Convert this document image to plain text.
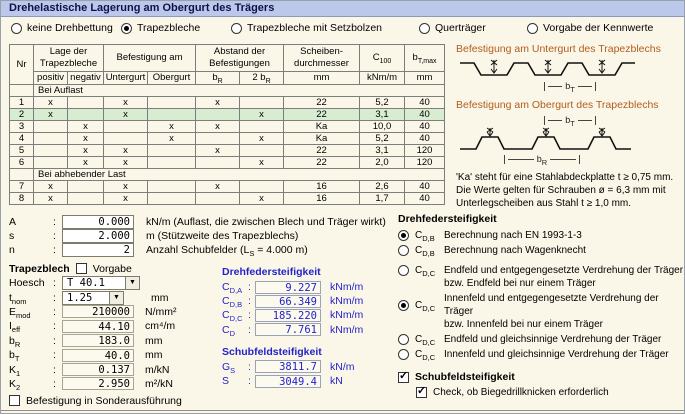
Drehelastische Lagerung am Obergurt des Trägers
keine Drehbettung Trapezbleche	Trapezbleche mit Setzbolzen	Querträger	Vorgabe der Kennwerte
Nr	Lage der Trapezbleche		Befestigung am		Abstand der Befestigungen		Scheiben-durchmesser	$C_{100}$	$b_{T,max}$
	positiv	negativ	Untergurt	Obergurt	$b_R$	2 $b_R$	mm	kNm/m	mm
	Bei Auflast								
1	x		x		x		22	5,2	40
2	x		x			x	22	3,1	40
3		x		x	x		Ka	10,0	40
4		x		x		x	Ka	5,2	40
5		x	x		x		22	3,1	120
6		x	x			x	22	2,0	120
	Bei abhebender Last								
7	x		x		x		16	2,6	40
8	x		x			x	16	1,7	40
Befestigung am Untergurt des Trapezblechs
$b_T$
Befestigung am Obergurt des Trapezblechs
$b_T$
$b_R$
'Ka' steht für eine Stahlabdeckplatte t ≥ 0,75 mm.
Die Werte gelten für Schrauben ø = 6,3 mm mit
Unterlegscheiben aus Stahl t ≥ 1,0 mm.
A	:
0.000	kN/m (Auflast, die zwischen Blech und Träger wirkt)
s	:
2.000	m (Stützweite des Trapezblechs)
n	:
2	Anzahl Schubfelder ($L_S = 4.000$ m)
Trapezblech Vorgabe
Hoesch :	T 40.1	▼
$t_{nom}$	:	1.25	▼	mm
$E_{mod}$	:	210000	N/mm²
$I_{eff}$	:	44.10	cm⁴/m
$b_R$	:	183.0	mm
$b_T$	:	40.0	mm
$K_1$	:	0.137	m/kN
$K_2$	:	2.950	m²/kN
Befestigung in Sonderausführung
Drehfedersteifigkeit
$C_{D,A}$ :	9.227	kNm/m
$C_{D,B}$ :	66.349	kNm/m
$C_{D,C}$ :	185.220	kNm/m
$C_D$	:	7.761	kNm/m
Schubfeldsteifigkeit
$G_S$	:	3811.7	kN/m
S	:	3049.4	kN
Drehfedersteifigkeit
$C_{D,B}$ Berechnung nach EN 1993-1-3
$C_{D,B}$ Berechnung nach Wagenknecht
$C_{D,C}$ Endfeld und entgegengesetzte Verdrehung der Träger
bzw. Endfeld bei nur einem Träger
$C_{D,C}$
Innenfeld und entgegengesetzte Verdrehung der Träger
bzw. Innenfeld bei nur einem Träger
$C_{D,C}$ Endfeld und gleichsinnige Verdrehung der Träger
$C_{D,C}$ Innenfeld und gleichsinnige Verdrehung der Träger
✓ Schubfeldsteifigkeit
✓ Check, ob Biegedrillknicken erforderlich
